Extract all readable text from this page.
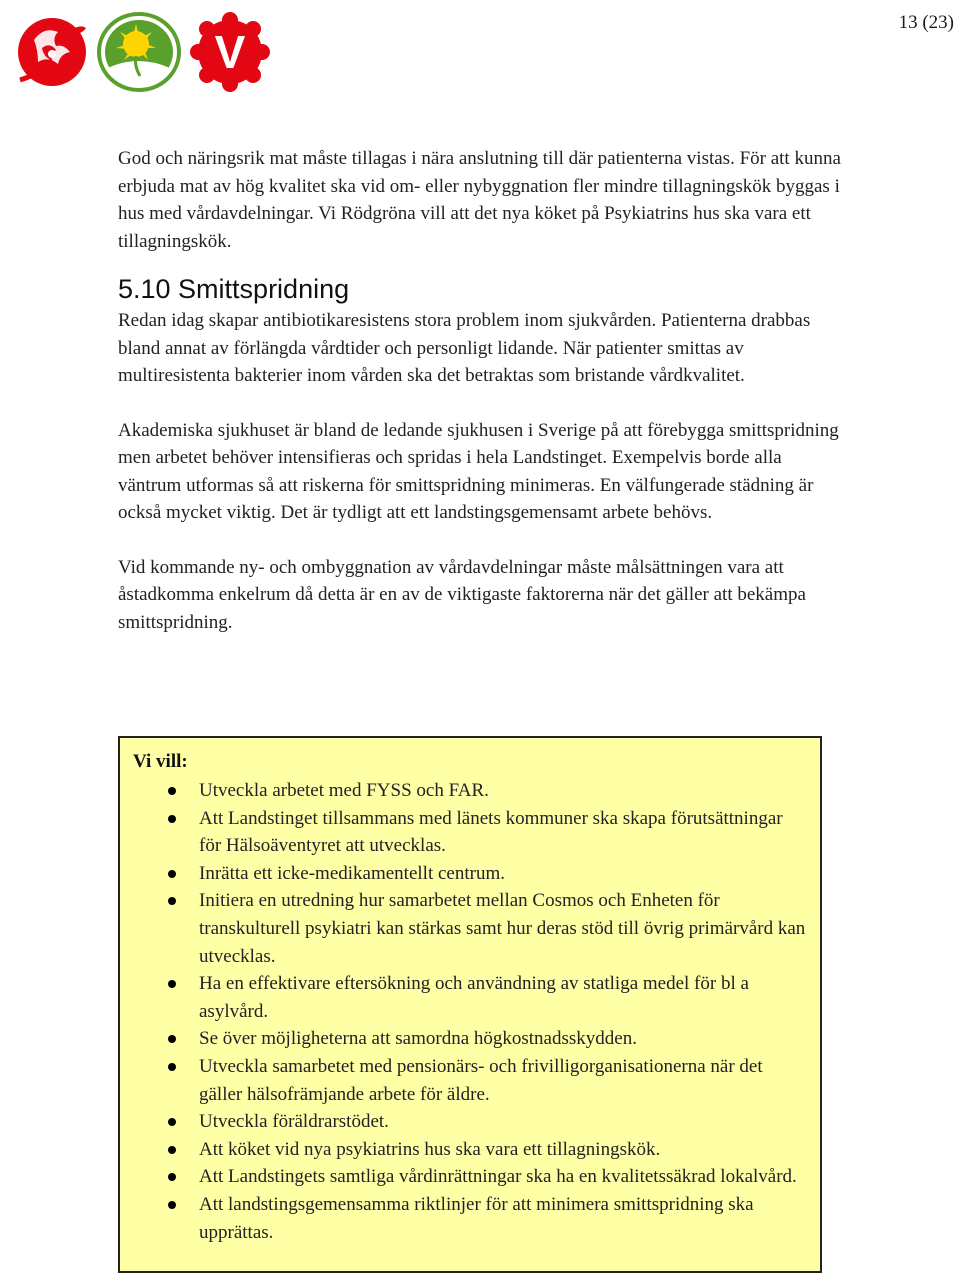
13 (23)
V

God och näringsrik mat måste tillagas i nära anslutning till där patienterna vistas. För att kunna erbjuda mat av hög kvalitet ska vid om- eller nybyggnation fler mindre tillagningskök byggas i hus med vårdavdelningar. Vi Rödgröna vill att det nya köket på Psykiatrins hus ska vara ett tillagningskök.

5.10 Smittspridning

Redan idag skapar antibiotikaresistens stora problem inom sjukvården. Patienterna drabbas bland annat av förlängda vårdtider och personligt lidande. När patienter smittas av multiresistenta bakterier inom vården ska det betraktas som bristande vårdkvalitet.

Akademiska sjukhuset är bland de ledande sjukhusen i Sverige på att förebygga smittspridning men arbetet behöver intensifieras och spridas i hela Landstinget. Exempelvis borde alla väntrum utformas så att riskerna för smittspridning minimeras. En välfungerade städning är också mycket viktig. Det är tydligt att ett landstingsgemensamt arbete behövs.

Vid kommande ny- och ombyggnation av vårdavdelningar måste målsättningen vara att åstadkomma enkelrum då detta är en av de viktigaste faktorerna när det gäller att bekämpa smittspridning.

Vi vill:
Utveckla arbetet med FYSS och FAR.
Att Landstinget tillsammans med länets kommuner ska skapa förutsättningar för Hälsoäventyret att utvecklas.
Inrätta ett icke-medikamentellt centrum.
Initiera en utredning hur samarbetet mellan Cosmos och Enheten för transkulturell psykiatri kan stärkas samt hur deras stöd till övrig primärvård kan utvecklas.
Ha en effektivare eftersökning och användning av statliga medel för bl a asylvård.
Se över möjligheterna att samordna högkostnadsskydden.
Utveckla samarbetet med pensionärs- och frivilligorganisationerna när det gäller hälsofrämjande arbete för äldre.
Utveckla föräldrarstödet.
Att köket vid nya psykiatrins hus ska vara ett tillagningskök.
Att Landstingets samtliga vårdinrättningar ska ha en kvalitetssäkrad lokalvård.
Att landstingsgemensamma riktlinjer för att minimera smittspridning ska upprättas.
